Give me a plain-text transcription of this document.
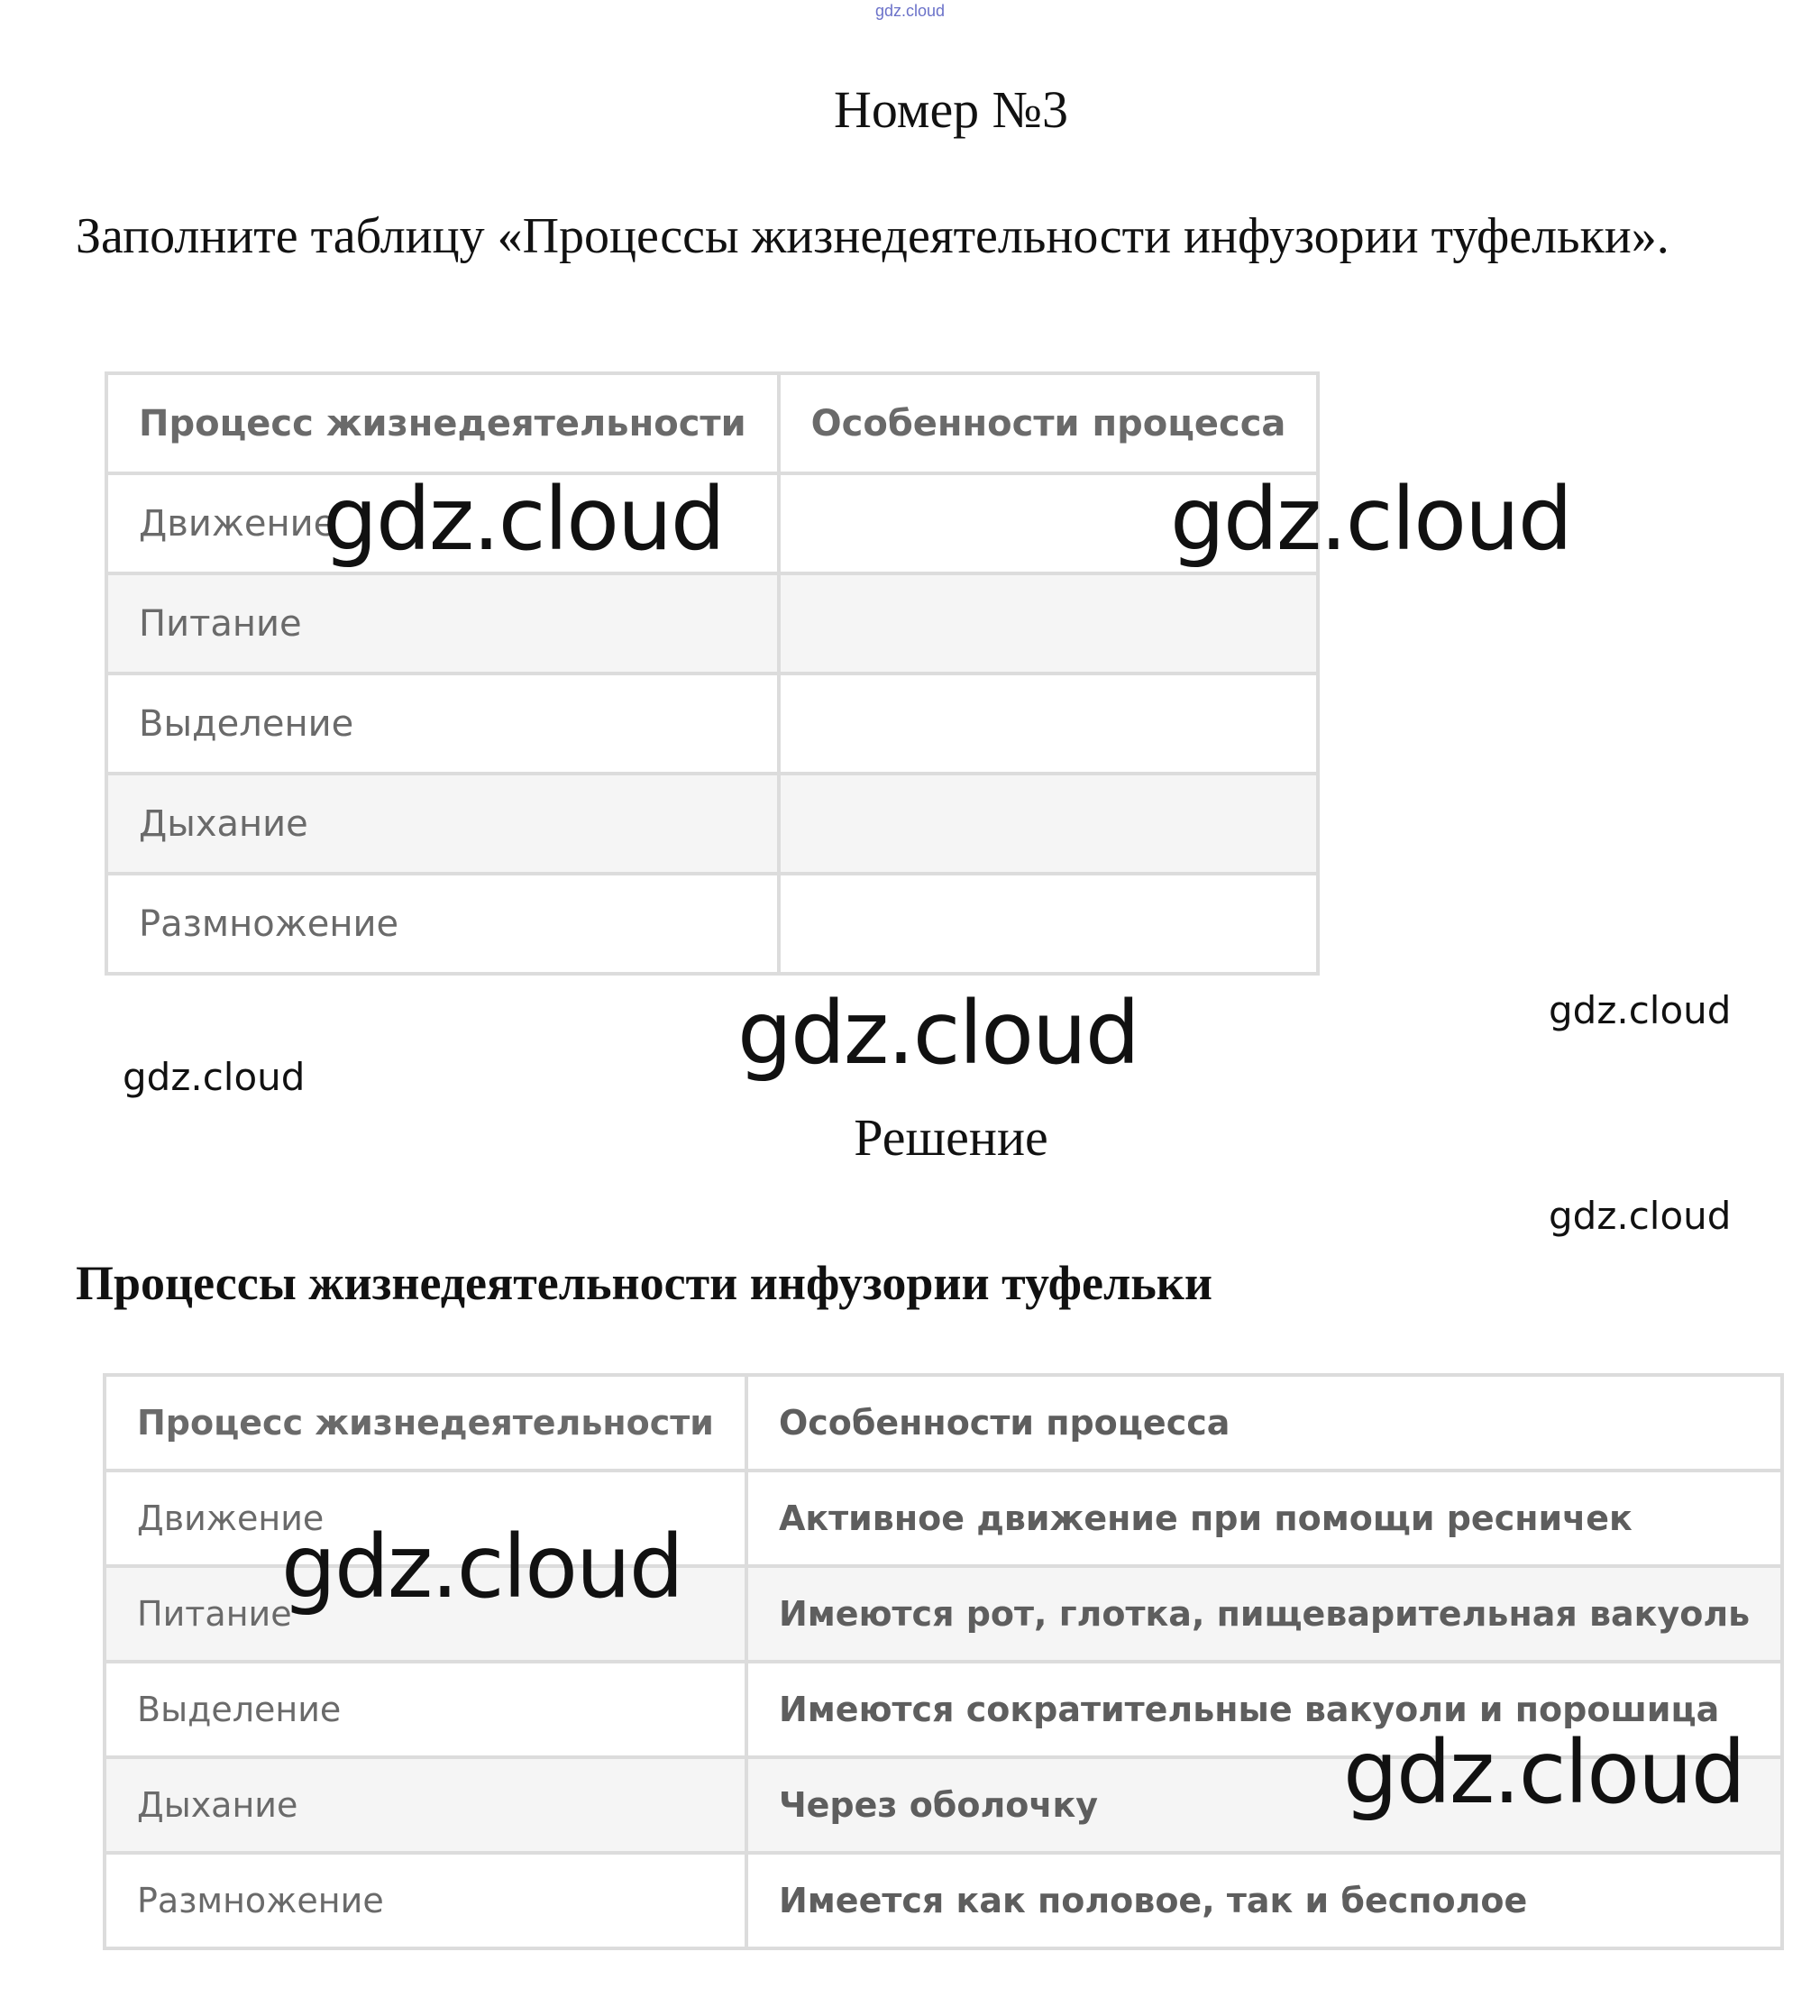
gdz.cloud
Номер №3
Заполните таблицу «Процессы жизнедеятельности инфузории туфельки».
Процесс жизнедеятельности	Особенности процесса
Движение	
Питание	
Выделение	
Дыхание	
Размножение	
Решение
Процессы жизнедеятельности инфузории туфельки
Процесс жизнедеятельности	Особенности процесса
Движение	Активное движение при помощи ресничек
Питание	Имеются рот, глотка, пищеварительная вакуоль
Выделение	Имеются сократительные вакуоли и порошица
Дыхание	Через оболочку
Размножение	Имеется как половое, так и бесполое
gdz.cloud	gdz.cloud
gdz.cloud	gdz.cloud
gdz.cloud
gdz.cloud
gdz.cloud
gdz.cloud
